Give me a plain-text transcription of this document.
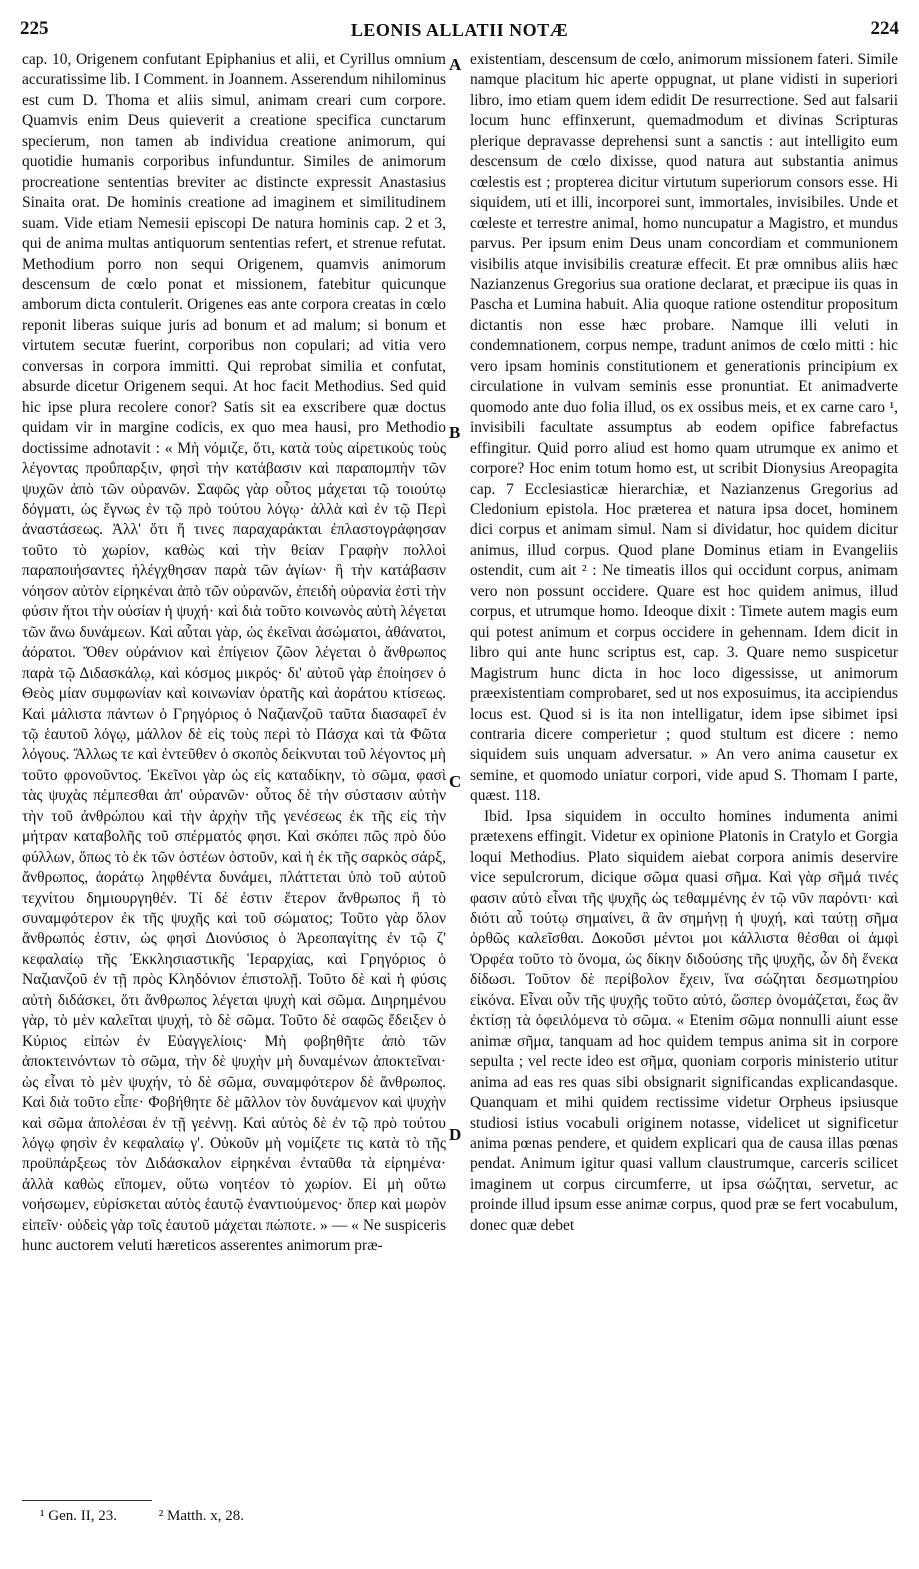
225	LEONIS ALLATII NOTÆ	224

cap. 10, Origenem confutant Epiphanius et alii, et Cyrillus omnium accuratissime lib. I Comment. in Joannem. Asserendum nihilominus est cum D. Thoma et aliis simul, animam creari cum corpore. Quamvis enim Deus quieverit a creatione specifica cunctarum specierum, non tamen ab individua creatione animorum, qui quotidie humanis corporibus infunduntur. Similes de animorum procreatione sententias breviter ac distincte expressit Anastasius Sinaita orat. De hominis creatione ad imaginem et similitudinem suam. Vide etiam Nemesii episcopi De natura hominis cap. 2 et 3, qui de anima multas antiquorum sententias refert, et strenue refutat. Methodium porro non sequi Origenem, quamvis animorum descensum de cœlo ponat et missionem, fatebitur quicunque amborum dicta contulerit. Origenes eas ante corpora creatas in cœlo reponit liberas suique juris ad bonum et ad malum; si bonum et virtutem secutæ fuerint, corporibus non copulari; ad vitia vero conversas in corpora immitti. Qui reprobat similia et confutat, absurde dicetur Origenem sequi. At hoc facit Methodius. Sed quid hic ipse plura recolere conor? Satis sit ea exscribere quæ doctus quidam vir in margine codicis, ex quo mea hausi, pro Methodio doctissime adnotavit : « Μὴ νόμιζε, ὅτι, κατὰ τοὺς αἱρετικοὺς τοὺς λέγοντας προΰπαρξιν, φησὶ τὴν κατάβασιν καὶ παραπομπὴν τῶν ψυχῶν ἀπὸ τῶν οὐρανῶν. Σαφῶς γὰρ οὗτος μάχεται τῷ τοιούτῳ δόγματι, ὡς ἔγνως ἐν τῷ πρὸ τούτου λόγῳ· ἀλλὰ καὶ ἐν τῷ Περὶ ἀναστάσεως. Ἀλλ' ὅτι ἤ τινες παραχαράκται ἐπλαστογράφησαν τοῦτο τὸ χωρίον, καθὼς καὶ τὴν θείαν Γραφὴν πολλοὶ παραποιήσαντες ἠλέγχθησαν παρὰ τῶν ἁγίων· ἢ τὴν κατάβασιν νόησον αὐτὸν εἰρηκέναι ἀπὸ τῶν οὐρανῶν, ἐπειδὴ οὐρανία ἐστὶ τὴν φύσιν ἤτοι τὴν οὐσίαν ἡ ψυχή· καὶ διὰ τοῦτο κοινωνὸς αὐτὴ λέγεται τῶν ἄνω δυνάμεων. Καὶ αὗται γὰρ, ὡς ἐκεῖναι ἀσώματοι, ἀθάνατοι, ἀόρατοι. Ὅθεν οὐράνιον καὶ ἐπίγειον ζῶον λέγεται ὁ ἄνθρωπος παρὰ τῷ Διδασκάλῳ, καὶ κόσμος μικρός· δι' αὐτοῦ γὰρ ἐποίησεν ὁ Θεὸς μίαν συμφωνίαν καὶ κοινωνίαν ὁρατῆς καὶ ἀοράτου κτίσεως. Καὶ μάλιστα πάντων ὁ Γρηγόριος ὁ Ναζιανζοῦ ταῦτα διασαφεῖ ἐν τῷ ἑαυτοῦ λόγῳ, μάλλον δὲ εἰς τοὺς περὶ τὸ Πάσχα καὶ τὰ Φῶτα λόγους. Ἄλλως τε καὶ ἐντεῦθεν ὁ σκοπὸς δείκνυται τοῦ λέγοντος μὴ τοῦτο φρονοῦντος. Ἐκεῖνοι γὰρ ὡς εἰς καταδίκην, τὸ σῶμα, φασὶ τὰς ψυχὰς πέμπεσθαι ἀπ' οὐρανῶν· οὗτος δὲ τὴν σύστασιν αὐτὴν τὴν τοῦ ἀνθρώπου καὶ τὴν ἀρχὴν τῆς γενέσεως ἐκ τῆς εἰς τὴν μήτραν καταβολῆς τοῦ σπέρματός φησι. Καὶ σκόπει πῶς πρὸ δύο φύλλων, ὅπως τὸ ἐκ τῶν ὀστέων ὀστοῦν, καὶ ἡ ἐκ τῆς σαρκὸς σάρξ, ἄνθρωπος, ἀοράτῳ ληφθέντα δυνάμει, πλάττεται ὑπὸ τοῦ αὐτοῦ τεχνίτου δημιουργηθέν. Τί δέ ἐστιν ἕτερον ἄνθρωπος ἢ τὸ συναμφότερον ἐκ τῆς ψυχῆς καὶ τοῦ σώματος; Τοῦτο γὰρ ὅλον ἄνθρωπός ἐστιν, ὡς φησὶ Διονύσιος ὁ Ἀρεοπαγίτης ἐν τῷ ζ' κεφαλαίῳ τῆς Ἐκκλησιαστικῆς Ἱεραρχίας, καὶ Γρηγόριος ὁ Ναζιανζοῦ ἐν τῇ πρὸς Κληδόνιον ἐπιστολῇ. Τοῦτο δὲ καὶ ἡ φύσις αὐτὴ διδάσκει, ὅτι ἄνθρωπος λέγεται ψυχὴ καὶ σῶμα. Διηρημένου γὰρ, τὸ μὲν καλεῖται ψυχή, τὸ δὲ σῶμα. Τοῦτο δὲ σαφῶς ἔδειξεν ὁ Κύριος εἰπὼν ἐν Εὐαγγελίοις· Μὴ φοβηθῆτε ἀπὸ τῶν ἀποκτεινόντων τὸ σῶμα, τὴν δὲ ψυχὴν μὴ δυναμένων ἀποκτεῖναι· ὡς εἶναι τὸ μὲν ψυχήν, τὸ δὲ σῶμα, συναμφότερον δὲ ἄνθρωπος. Καὶ διὰ τοῦτο εἶπε· Φοβήθητε δὲ μᾶλλον τὸν δυνάμενον καὶ ψυχὴν καὶ σῶμα ἀπολέσαι ἐν τῇ γεέννῃ. Καὶ αὐτὸς δὲ ἐν τῷ πρὸ τούτου λόγῳ φησὶν ἐν κεφαλαίῳ γ'. Οὐκοῦν μὴ νομίζετε τις κατὰ τὸ τῆς προϋπάρξεως τὸν Διδάσκαλον εἰρηκέναι ἐνταῦθα τὰ εἰρημένα· ἀλλὰ καθὼς εἴπομεν, οὕτω νοητέον τὸ χωρίον. Εἰ μὴ οὕτω νοήσωμεν, εὑρίσκεται αὐτὸς ἑαυτῷ ἐναντιούμενος· ὅπερ καὶ μωρὸν εἰπεῖν· οὐδεὶς γὰρ τοῖς ἑαυτοῦ μάχεται πώποτε. » — « Ne suspiceris hunc auctorem veluti hæreticos asserentes animorum præ-

A
B
C
D

existentiam, descensum de cœlo, animorum missionem fateri. Simile namque placitum hic aperte oppugnat, ut plane vidisti in superiori libro, imo etiam quem idem edidit De resurrectione. Sed aut falsarii locum hunc effinxerunt, quemadmodum et divinas Scripturas plerique depravasse deprehensi sunt a sanctis : aut intelligito eum descensum de cœlo dixisse, quod natura aut substantia animus cœlestis est ; propterea dicitur virtutum superiorum consors esse. Hi siquidem, uti et illi, incorporei sunt, immortales, invisibiles. Unde et cœleste et terrestre animal, homo nuncupatur a Magistro, et mundus parvus. Per ipsum enim Deus unam concordiam et communionem visibilis atque invisibilis creaturæ effecit. Et præ omnibus aliis hæc Nazianzenus Gregorius sua oratione declarat, et præcipue iis quas in Pascha et Lumina habuit. Alia quoque ratione ostenditur propositum dictantis non esse hæc probare. Namque illi veluti in condemnationem, corpus nempe, tradunt animos de cœlo mitti : hic vero ipsam hominis constitutionem et generationis principium ex circulatione in vulvam seminis esse pronuntiat. Et animadverte quomodo ante duo folia illud, os ex ossibus meis, et ex carne caro ¹, invisibili facultate assumptus ab eodem opifice fabrefactus effingitur. Quid porro aliud est homo quam utrumque ex animo et corpore? Hoc enim totum homo est, ut scribit Dionysius Areopagita cap. 7 Ecclesiasticæ hierarchiæ, et Nazianzenus Gregorius ad Cledonium epistola. Hoc præterea et natura ipsa docet, hominem dici corpus et animam simul. Nam si dividatur, hoc quidem dicitur animus, illud corpus. Quod plane Dominus etiam in Evangeliis ostendit, cum ait ² : Ne timeatis illos qui occidunt corpus, animam vero non possunt occidere. Quare est hoc quidem animus, illud corpus, et utrumque homo. Ideoque dixit : Timete autem magis eum qui potest animum et corpus occidere in gehennam. Idem dicit in libro qui ante hunc scriptus est, cap. 3. Quare nemo suspicetur Magistrum hunc dicta in hoc loco digessisse, ut animorum præexistentiam comprobaret, sed ut nos exposuimus, ita accipiendus locus est. Quod si is ita non intelligatur, idem ipse sibimet ipsi contraria dicere comperietur ; quod stultum est dicere : nemo siquidem suis unquam adversatur. » An vero anima causetur ex semine, et quomodo uniatur corpori, vide apud S. Thomam I parte, quæst. 118.

Ibid. Ipsa siquidem in occulto homines indumenta animi prætexens effingit. Videtur ex opinione Platonis in Cratylo et Gorgia loqui Methodius. Plato siquidem aiebat corpora animis deservire vice sepulcrorum, dicique σῶμα quasi σῆμα. Καὶ γὰρ σῆμά τινές φασιν αὐτὸ εἶναι τῆς ψυχῆς ὡς τεθαμμένης ἐν τῷ νῦν παρόντι· καὶ διότι αὖ τούτῳ σημαίνει, ἃ ἂν σημήνῃ ἡ ψυχή, καὶ ταύτῃ σῆμα ὀρθῶς καλεῖσθαι. Δοκοῦσι μέντοι μοι κάλλιστα θέσθαι οἱ ἀμφὶ Ὀρφέα τοῦτο τὸ ὄνομα, ὡς δίκην διδούσης τῆς ψυχῆς, ὧν δὴ ἕνεκα δίδωσι. Τοῦτον δὲ περίβολον ἔχειν, ἵνα σώζηται δεσμωτηρίου εἰκόνα. Εἶναι οὖν τῆς ψυχῆς τοῦτο αὐτό, ὥσπερ ὀνομάζεται, ἕως ἂν ἐκτίσῃ τὰ ὀφειλόμενα τὸ σῶμα. « Etenim σῶμα nonnulli aiunt esse animæ σῆμα, tanquam ad hoc quidem tempus anima sit in corpore sepulta ; vel recte ideo est σῆμα, quoniam corporis ministerio utitur anima ad eas res quas sibi obsignarit significandas explicandasque. Quanquam et mihi quidem rectissime videtur Orpheus ipsiusque studiosi istius vocabuli originem notasse, videlicet ut significetur anima pœnas pendere, et quidem explicari qua de causa illas pœnas pendat. Animum igitur quasi vallum claustrumque, carceris scilicet imaginem ut corpus circumferre, ut ipsa σώζηται, servetur, ac proinde illud ipsum esse animæ corpus, quod præ se fert vocabulum, donec quæ debet

¹ Gen. II, 23.	² Matth. x, 28.
